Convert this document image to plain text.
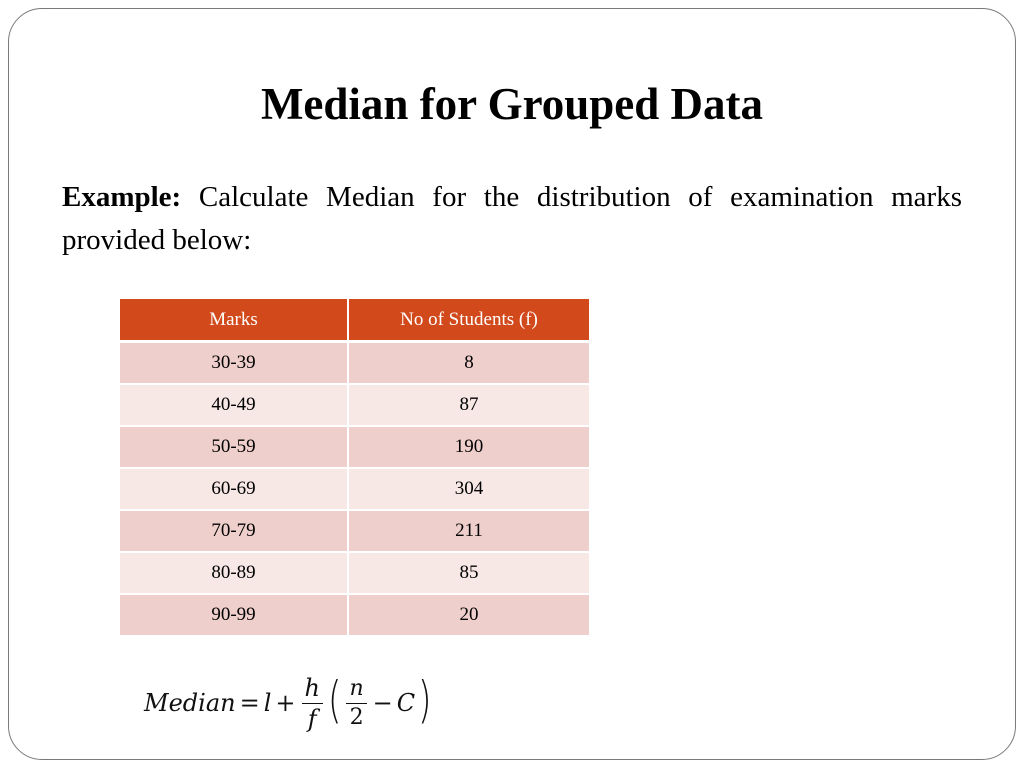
Median for Grouped Data

Example: Calculate Median for the distribution of examination marks provided below:

Marks	No of Students (f)
30-39	8
40-49	87
50-59	190
60-69	304
70-79	211
80-89	85
90-99	20
Median = $l + \frac{h}{f}$ ( $\frac{n}{2} - C$ )
